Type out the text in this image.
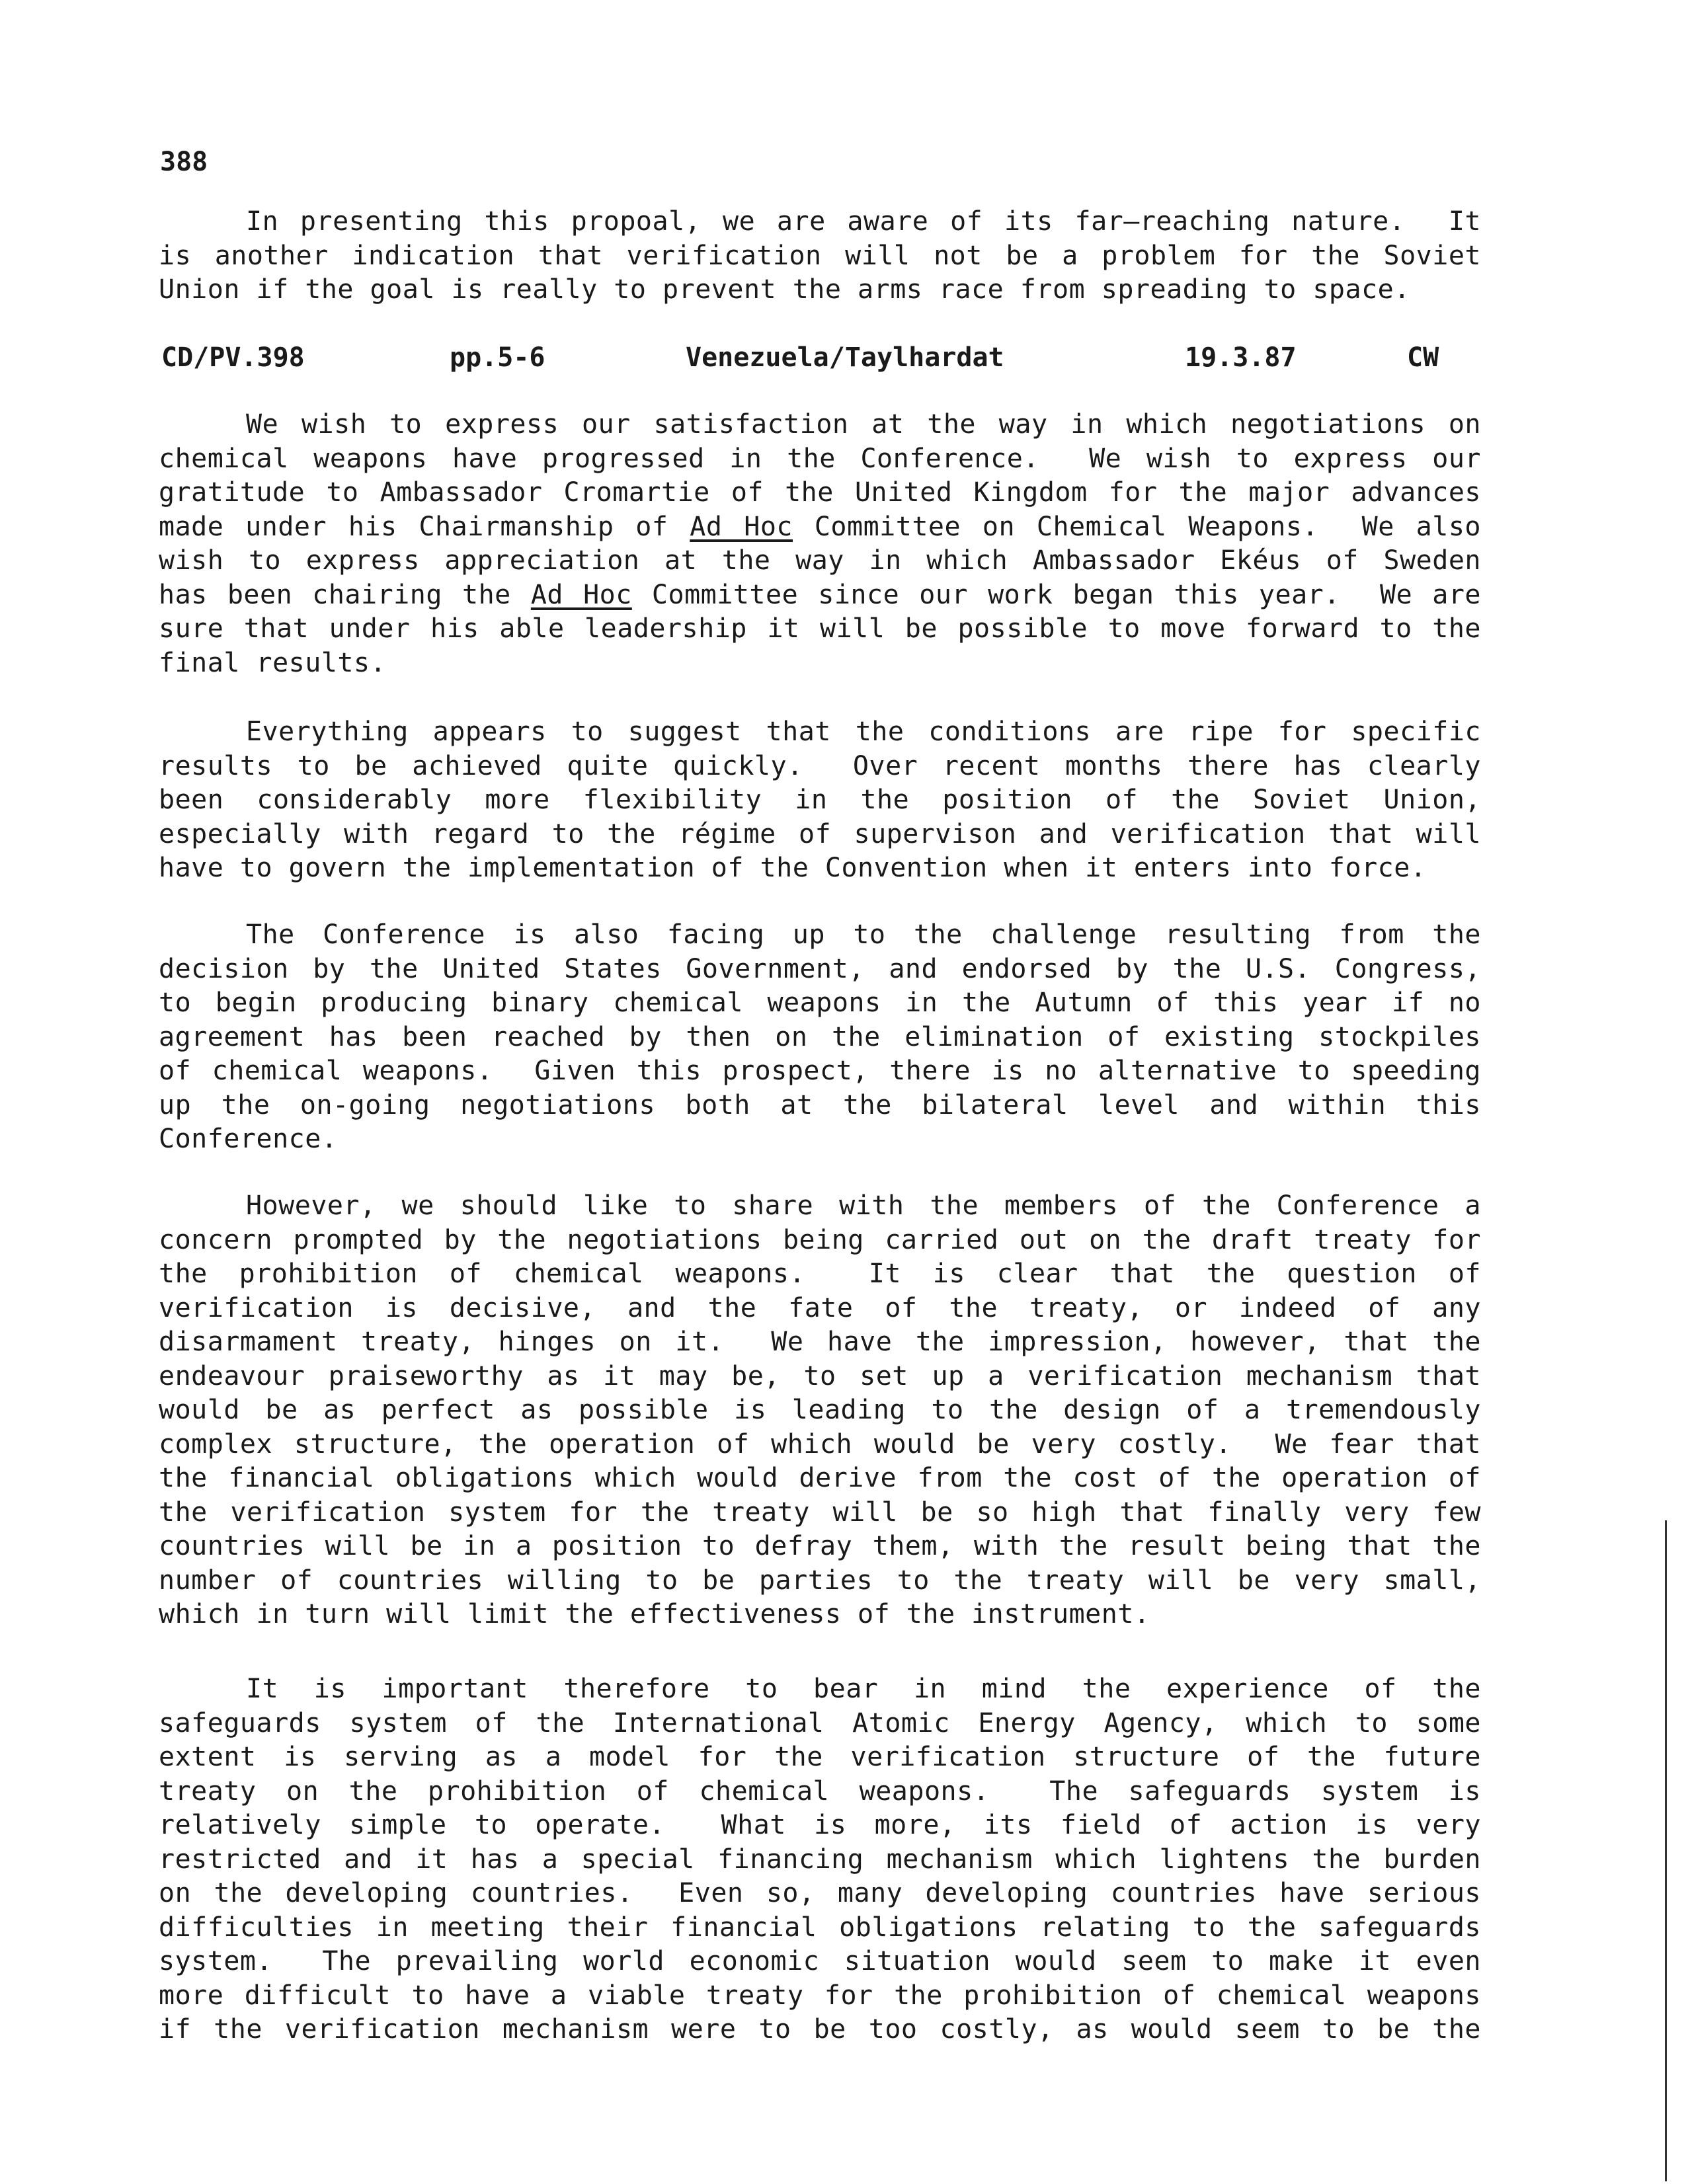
388
In presenting this propoal, we are aware of its far—reaching nature.  It
is another indication that verification will not be a problem for the Soviet
Union if the goal is really to prevent the arms race from spreading to space.
CD/PV.398	pp.5-6	Venezuela/Taylhardat	19.3.87	CW
We wish to express our satisfaction at the way in which negotiations on
chemical weapons have progressed in the Conference.  We wish to express our
gratitude to Ambassador Cromartie of the United Kingdom for the major advances
made under his Chairmanship of Ad Hoc Committee on Chemical Weapons.  We also
wish to express appreciation at the way in which Ambassador Ekéus of Sweden
has been chairing the Ad Hoc Committee since our work began this year.  We are
sure that under his able leadership it will be possible to move forward to the
final results.
Everything appears to suggest that the conditions are ripe for specific
results to be achieved quite quickly.  Over recent months there has clearly
been considerably more flexibility in the position of the Soviet Union,
especially with regard to the régime of supervison and verification that will
have to govern the implementation of the Convention when it enters into force.
The Conference is also facing up to the challenge resulting from the
decision by the United States Government, and endorsed by the U.S. Congress,
to begin producing binary chemical weapons in the Autumn of this year if no
agreement has been reached by then on the elimination of existing stockpiles
of chemical weapons.  Given this prospect, there is no alternative to speeding
up the on-going negotiations both at the bilateral level and within this
Conference.
However, we should like to share with the members of the Conference a
concern prompted by the negotiations being carried out on the draft treaty for
the prohibition of chemical weapons.  It is clear that the question of
verification is decisive, and the fate of the treaty, or indeed of any
disarmament treaty, hinges on it.  We have the impression, however, that the
endeavour praiseworthy as it may be, to set up a verification mechanism that
would be as perfect as possible is leading to the design of a tremendously
complex structure, the operation of which would be very costly.  We fear that
the financial obligations which would derive from the cost of the operation of
the verification system for the treaty will be so high that finally very few
countries will be in a position to defray them, with the result being that the
number of countries willing to be parties to the treaty will be very small,
which in turn will limit the effectiveness of the instrument.
It is important therefore to bear in mind the experience of the
safeguards system of the International Atomic Energy Agency, which to some
extent is serving as a model for the verification structure of the future
treaty on the prohibition of chemical weapons.  The safeguards system is
relatively simple to operate.  What is more, its field of action is very
restricted and it has a special financing mechanism which lightens the burden
on the developing countries.  Even so, many developing countries have serious
difficulties in meeting their financial obligations relating to the safeguards
system.  The prevailing world economic situation would seem to make it even
more difficult to have a viable treaty for the prohibition of chemical weapons
if the verification mechanism were to be too costly, as would seem to be the
